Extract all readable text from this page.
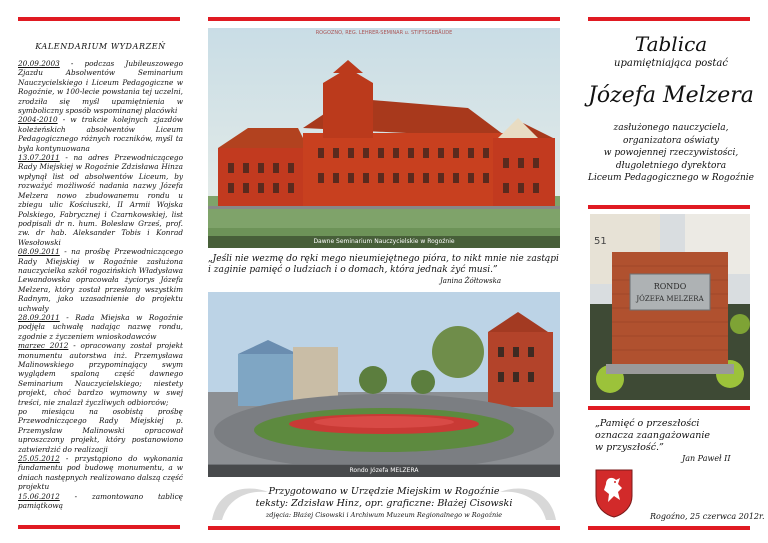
KALENDARIUM WYDARZEŃ

20.09.2003 - podczas Jubileuszowego Zjazdu Absolwentów Seminarium Nauczycielskiego i Liceum Pedagogiczne w Rogoźnie, w 100-lecie powstania tej uczelni, zrodziła się myśl upamiętnienia w symboliczny sposób wspominanej placówki

2004-2010 - w trakcie kolejnych zjazdów koleżeńskich absolwentów Liceum Pedagogicznego różnych roczników, myśl ta była kontynuowana

13.07.2011 - na adres Przewodniczącego Rady Miejskiej w Rogoźnie Zdzisława Hinza wpłynął list od absolwentów Liceum, by rozważyć możliwość nadania nazwy Józefa Melzera nowo zbudowanemu rondu u zbiegu ulic Kościuszki, II Armii Wojska Polskiego, Fabrycznej i Czarnkowskiej, list podpisali dr n. hum. Bolesław Grześ, prof. zw. dr hab. Aleksander Tobis i Konrad Wesołowski

08.09.2011 - na prośbę Przewodniczącego Rady Miejskiej w Rogoźnie zasłużona nauczycielka szkół rogozińskich Władysława Lewandowska opracowała życiorys Józefa Melzera, który został przesłany wszystkim Radnym, jako uzasadnienie do projektu uchwały

28.09.2011 - Rada Miejska w Rogoźnie podjęła uchwałę nadając nazwę rondu, zgodnie z życzeniem wnioskodawców

marzec 2012 - opracowany został projekt monumentu autorstwa inż. Przemysława Malinowskiego przypominający swym wyglądem spaloną część dawnego Seminarium Nauczycielskiego; niestety projekt, choć bardzo wymowny w swej treści, nie znalazł życzliwych odbiorców;

po miesiącu na osobistą prośbę Przewodniczącego Rady Miejskiej p. Przemysław Malinowski opracował uproszczony projekt, który postanowiono zatwierdzić do realizacji

25.05.2012 - przystąpiono do wykonania fundamentu pod budowę monumentu, a w dniach następnych realizowano dalszą część projektu

15.06.2012 - zamontowano tablicę pamiątkową

ROGOZNO, REG. LEHRER-SEMINAR u. STIFTSGEBÄUDE
Dawne Seminarium Nauczycielskie w Rogoźnie
„Jeśli nie wezmę do ręki mego nieumiejętnego pióra, to nikt mnie nie zastąpi i zaginie pamięć o ludziach i o domach, która jednak żyć musi.”
Janina Żółtowska
Rondo Józefa MELZERA
Przygotowano w Urzędzie Miejskim w Rogoźnie
teksty: Zdzisław Hinz, opr. graficzne: Błażej Cisowski
zdjęcia: Błażej Cisowski i Archiwum Muzeum Regionalnego w Rogoźnie
Tablica
upamiętniająca postać
Józefa Melzera
zasłużonego nauczyciela,
organizatora oświaty
w powojennej rzeczywistości,
długoletniego dyrektora
Liceum Pedagogicznego w Rogoźnie
RONDO
JÓZEFA MELZERA
51
„Pamięć o przeszłości
oznacza zaangażowanie
w przyszłość.”
Jan Paweł II
Rogoźno, 25 czerwca 2012r.
